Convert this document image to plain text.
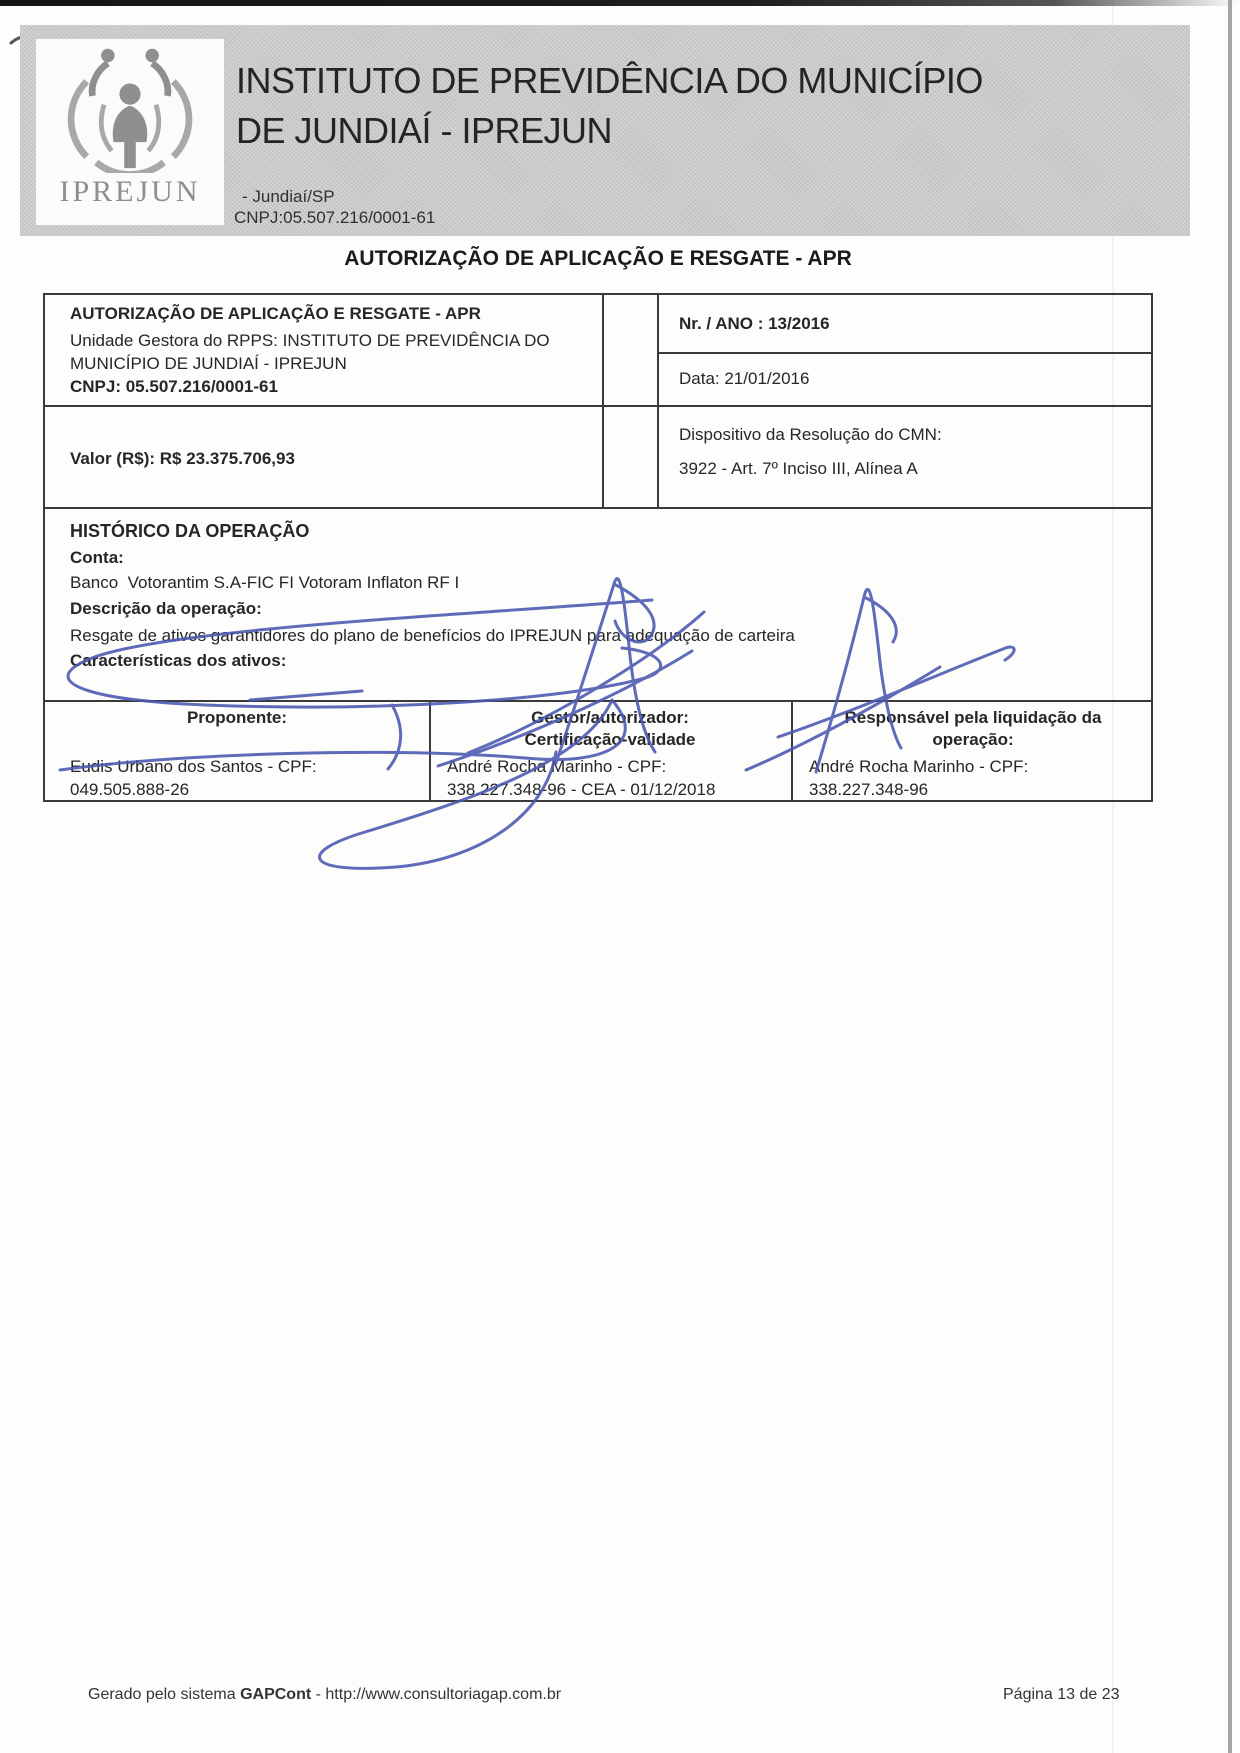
IPREJUN
INSTITUTO DE PREVIDÊNCIA DO MUNICÍPIO
DE JUNDIAÍ - IPREJUN
- Jundiaí/SP
CNPJ:05.507.216/0001-61
AUTORIZAÇÃO DE APLICAÇÃO E RESGATE - APR
AUTORIZAÇÃO DE APLICAÇÃO E RESGATE - APR
Unidade Gestora do RPPS: INSTITUTO DE PREVIDÊNCIA DO MUNICÍPIO DE JUNDIAÍ - IPREJUN
CNPJ: 05.507.216/0001-61
Nr. / ANO : 13/2016
Data: 21/01/2016
Valor (R$): R$ 23.375.706,93
Dispositivo da Resolução do CMN:
3922 - Art. 7º Inciso III, Alínea A
HISTÓRICO DA OPERAÇÃO
Conta:
Banco  Votorantim S.A-FIC FI Votoram Inflaton RF I
Descrição da operação:
Resgate de ativos garantidores do plano de benefícios do IPREJUN para adequação de carteira
Características dos ativos:
Proponente:
Eudis Urbano dos Santos - CPF:
049.505.888-26
Gestor/autorizador:
Certificação-validade
André Rocha Marinho - CPF:
338.227.348-96 - CEA - 01/12/2018
Responsável pela liquidação da
operação:
André Rocha Marinho - CPF:
338.227.348-96
Gerado pelo sistema GAPCont - http://www.consultoriagap.com.br	Página 13 de 23
